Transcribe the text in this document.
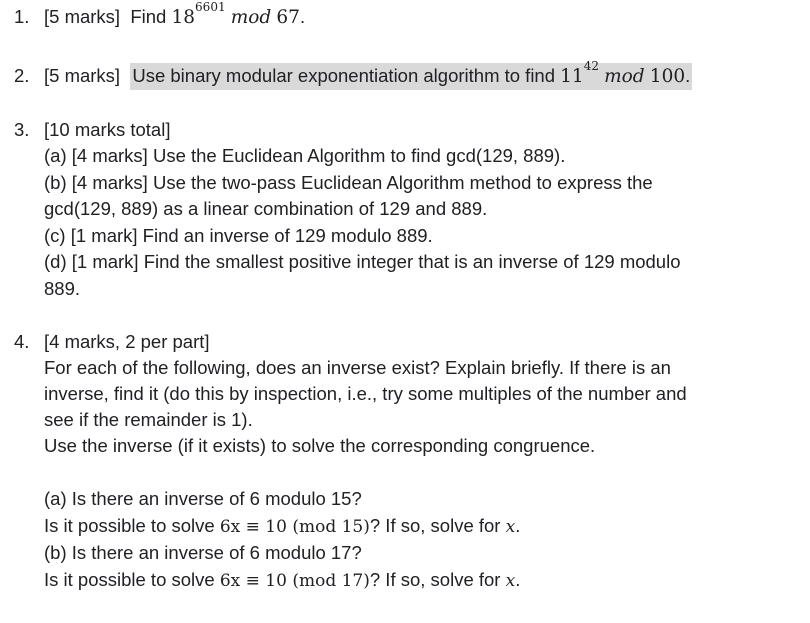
1. [5 marks] Find $18^{6601}$ mod 67.
2. [5 marks] Use binary modular exponentiation algorithm to find $11^{42}$ mod 100.
3. [10 marks total]
(a) [4 marks] Use the Euclidean Algorithm to find gcd(129, 889).
(b) [4 marks] Use the two-pass Euclidean Algorithm method to express the
gcd(129, 889) as a linear combination of 129 and 889.
(c) [1 mark] Find an inverse of 129 modulo 889.
(d) [1 mark] Find the smallest positive integer that is an inverse of 129 modulo
889.
4. [4 marks, 2 per part]
For each of the following, does an inverse exist? Explain briefly. If there is an
inverse, find it (do this by inspection, i.e., try some multiples of the number and
see if the remainder is 1).
Use the inverse (if it exists) to solve the corresponding congruence.
(a) Is there an inverse of 6 modulo 15?
Is it possible to solve 6x ≡ 10 (mod 15)? If so, solve for x.
(b) Is there an inverse of 6 modulo 17?
Is it possible to solve 6x ≡ 10 (mod 17)? If so, solve for x.
